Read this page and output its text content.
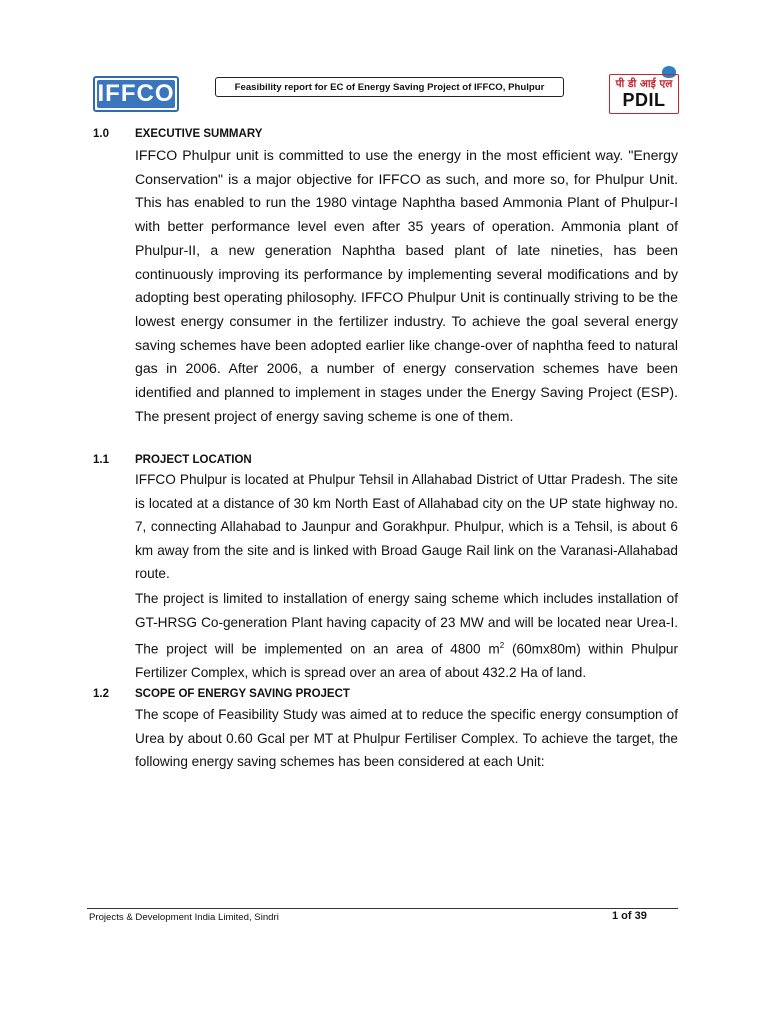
IFFCO	Feasibility report for EC of Energy Saving Project of IFFCO, Phulpur	पी डी आई एल
PDIL
1.0 EXECUTIVE SUMMARY

IFFCO Phulpur unit is committed to use the energy in the most efficient way. "Energy Conservation" is a major objective for IFFCO as such, and more so, for Phulpur Unit. This has enabled to run the 1980 vintage Naphtha based Ammonia Plant of Phulpur-I with better performance level even after 35 years of operation. Ammonia plant of Phulpur-II, a new generation Naphtha based plant of late nineties, has been continuously improving its performance by implementing several modifications and by adopting best operating philosophy. IFFCO Phulpur Unit is continually striving to be the lowest energy consumer in the fertilizer industry. To achieve the goal several energy saving schemes have been adopted earlier like change-over of naphtha feed to natural gas in 2006. After 2006, a number of energy conservation schemes have been identified and planned to implement in stages under the Energy Saving Project (ESP). The present project of energy saving scheme is one of them.

1.1 PROJECT LOCATION

IFFCO Phulpur is located at Phulpur Tehsil in Allahabad District of Uttar Pradesh. The site is located at a distance of 30 km North East of Allahabad city on the UP state highway no. 7, connecting Allahabad to Jaunpur and Gorakhpur. Phulpur, which is a Tehsil, is about 6 km away from the site and is linked with Broad Gauge Rail link on the Varanasi-Allahabad route.

The project is limited to installation of energy saing scheme which includes installation of GT-HRSG Co-generation Plant having capacity of 23 MW and will be located near Urea-I. The project will be implemented on an area of 4800 $m^2$ (60mx80m) within Phulpur Fertilizer Complex, which is spread over an area of about 432.2 Ha of land.

1.2 SCOPE OF ENERGY SAVING PROJECT

The scope of Feasibility Study was aimed at to reduce the specific energy consumption of Urea by about 0.60 Gcal per MT at Phulpur Fertiliser Complex. To achieve the target, the following energy saving schemes has been considered at each Unit:

Projects & Development India Limited, Sindri	1 of 39
